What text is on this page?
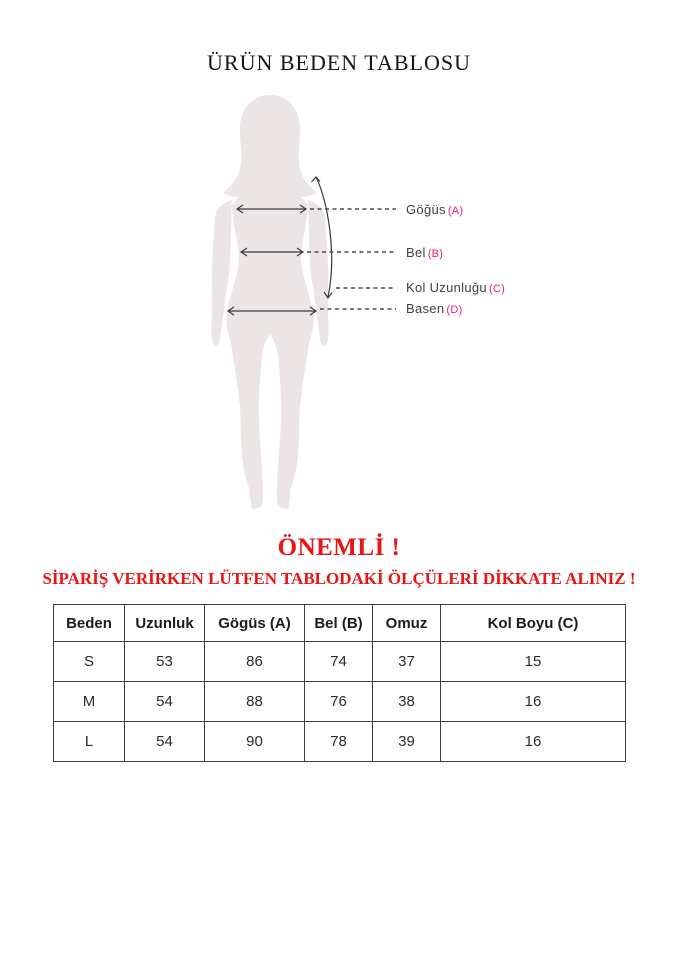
ÜRÜN BEDEN TABLOSU
Göğüs (A)
Bel (B)
Kol Uzunluğu (C)
Basen (D)
ÖNEMLİ !
SİPARİŞ VERİRKEN LÜTFEN TABLODAKİ ÖLÇÜLERİ DİKKATE ALINIZ !
Beden	Uzunluk	Gögüs (A)	Bel (B)	Omuz	Kol Boyu (C)
S	53	86	74	37	15
M	54	88	76	38	16
L	54	90	78	39	16
